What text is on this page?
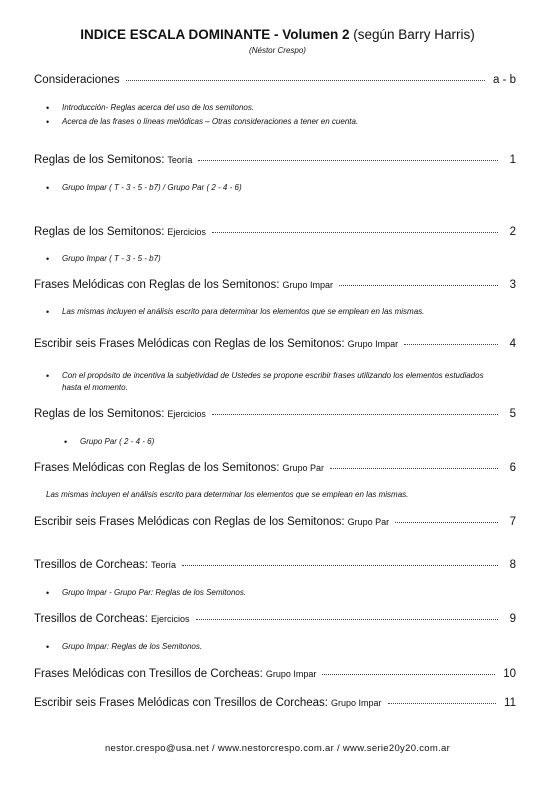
INDICE ESCALA DOMINANTE - Volumen 2 (según Barry Harris)
(Néstor Crespo)
Consideraciones	a - b
• Introducción- Reglas acerca del uso de los semitonos.
• Acerca de las frases o líneas melódicas – Otras consideraciones a tener en cuenta.
Reglas de los Semitonos: Teoría	1
• Grupo Impar ( T - 3 - 5 - b7) / Grupo Par ( 2 - 4 - 6)
Reglas de los Semitonos: Ejercicios	2
• Grupo Impar ( T - 3 - 5 - b7)
Frases Melódicas con Reglas de los Semitonos: Grupo Impar	3
• Las mismas incluyen el análisis escrito para determinar los elementos que se emplean en las mismas.
Escribir seis Frases Melódicas con Reglas de los Semitonos: Grupo Impar	4
• Con el propósito de incentiva la subjetividad de Ustedes se propone escribir frases utilizando los elementos estudiados hasta el momento.
Reglas de los Semitonos: Ejercicios	5
• Grupo Par ( 2 - 4 - 6)
Frases Melódicas con Reglas de los Semitonos: Grupo Par	6
Las mismas incluyen el análisis escrito para determinar los elementos que se emplean en las mismas.
Escribir seis Frases Melódicas con Reglas de los Semitonos: Grupo Par	7
Tresillos de Corcheas: Teoría	8
• Grupo Impar - Grupo Par: Reglas de los Semitonos.
Tresillos de Corcheas: Ejercicios	9
• Grupo Impar: Reglas de los Semitonos.
Frases Melódicas con Tresillos de Corcheas: Grupo Impar	10
Escribir seis Frases Melódicas con Tresillos de Corcheas: Grupo Impar	11
nestor.crespo@usa.net / www.nestorcrespo.com.ar / www.serie20y20.com.ar
